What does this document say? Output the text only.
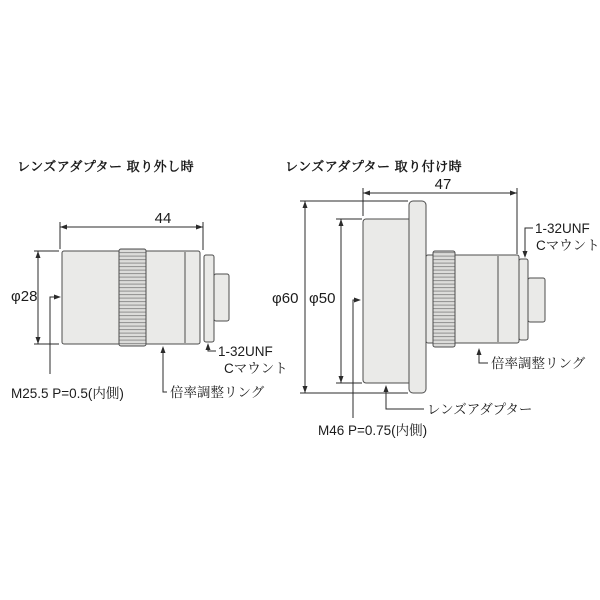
レンズアダプター 取り外し時
44
φ28
M25.5 P=0.5(内側)	倍率調整リング
1-32UNF
Cマウント
レンズアダプター 取り付け時
47
φ60 φ50
1-32UNF
Cマウント
倍率調整リング
レンズアダプター
M46 P=0.75(内側)
